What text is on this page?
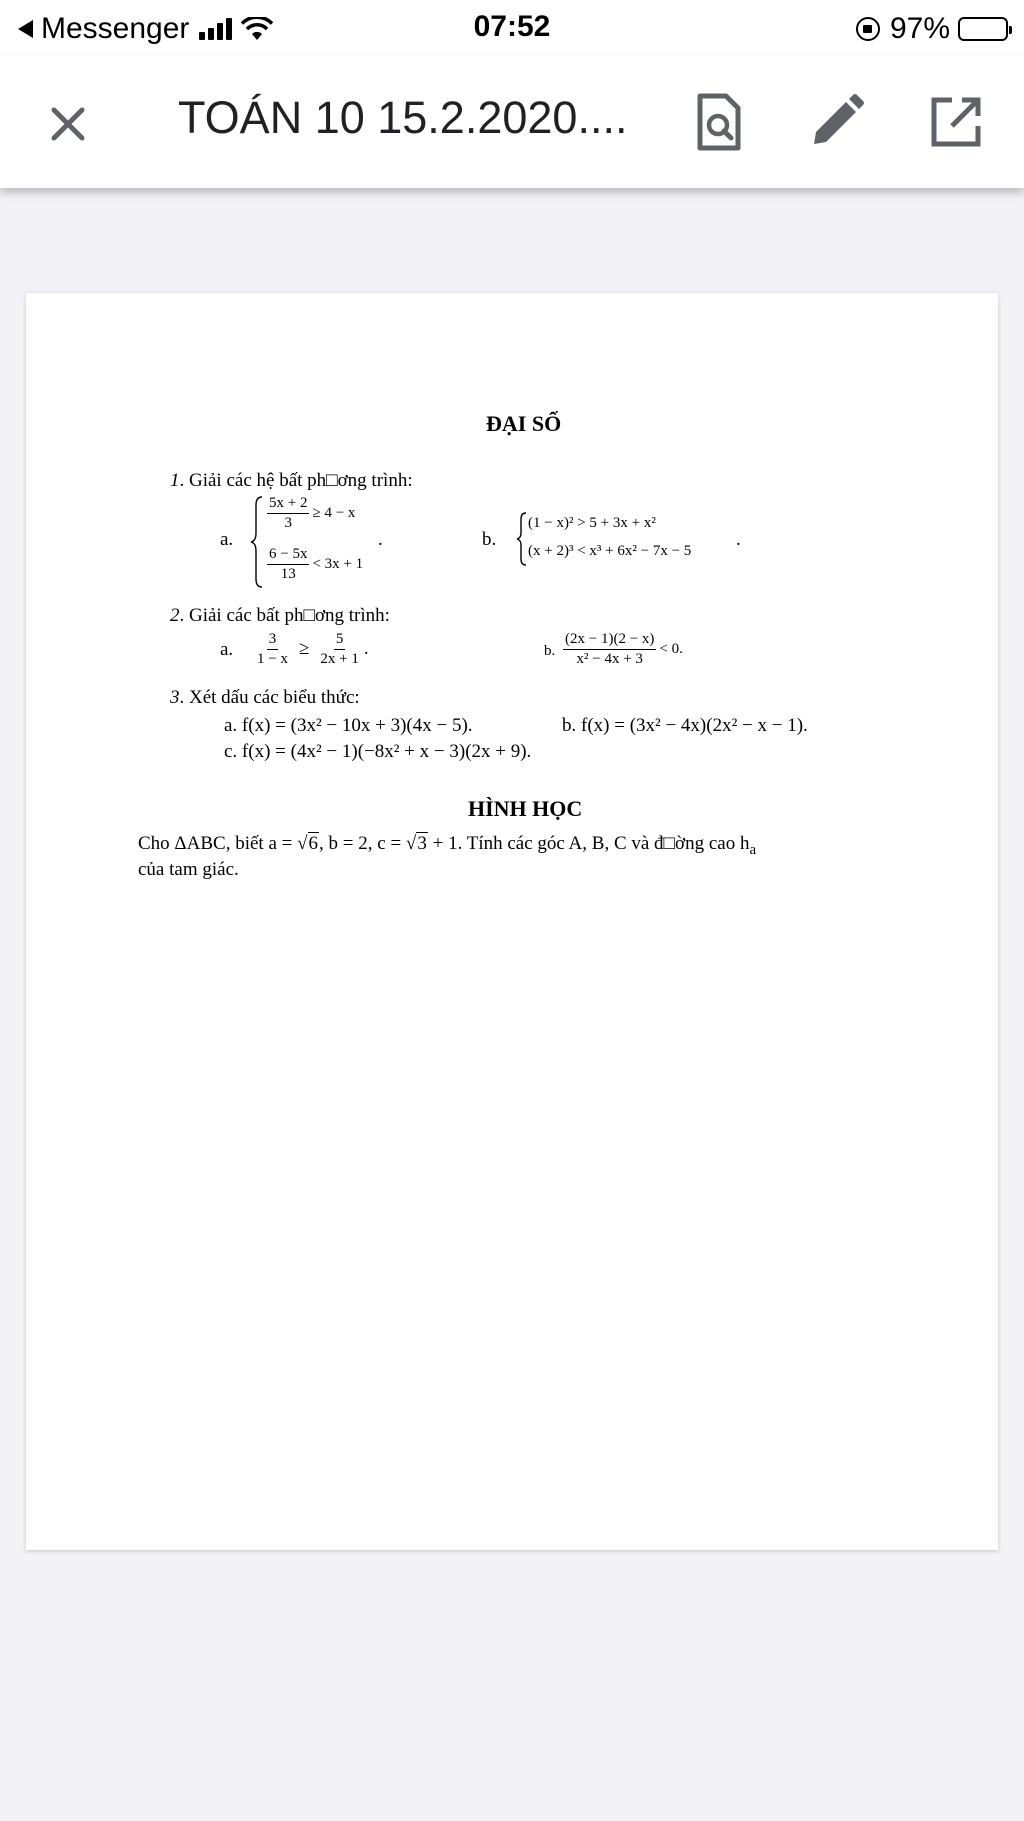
Messenger	07:52	97%
TOÁN 10 15.2.2020....
ĐẠI SỐ
1. Giải các hệ bất ph□ơng trình:
a.
$\frac{5x + 2}{3} \ge 4 - x$
$\frac{6 - 5x}{13} < 3x + 1$
.	b.
(1 − x)² > 5 + 3x + x²
(x + 2)³ < x³ + 6x² − 7x − 5
.
2. Giải các bất ph□ơng trình:
a. $\frac{3}{1 - x} \ge \frac{5}{2x + 1}$ .	b. $\frac{(2x - 1)(2 - x)}{\text{x² − 4x + 3}} < 0$.
3. Xét dấu các biểu thức:
a. f(x) = (3x² − 10x + 3)(4x − 5).	b. f(x) = (3x² − 4x)(2x² − x − 1).
c. f(x) = (4x² − 1)(−8x² + x − 3)(2x + 9).
HÌNH HỌC
Cho ΔABC, biết a = √6, b = 2, c = √3 + 1. Tính các góc A, B, C và đ□ờng cao $h_a$
của tam giác.
